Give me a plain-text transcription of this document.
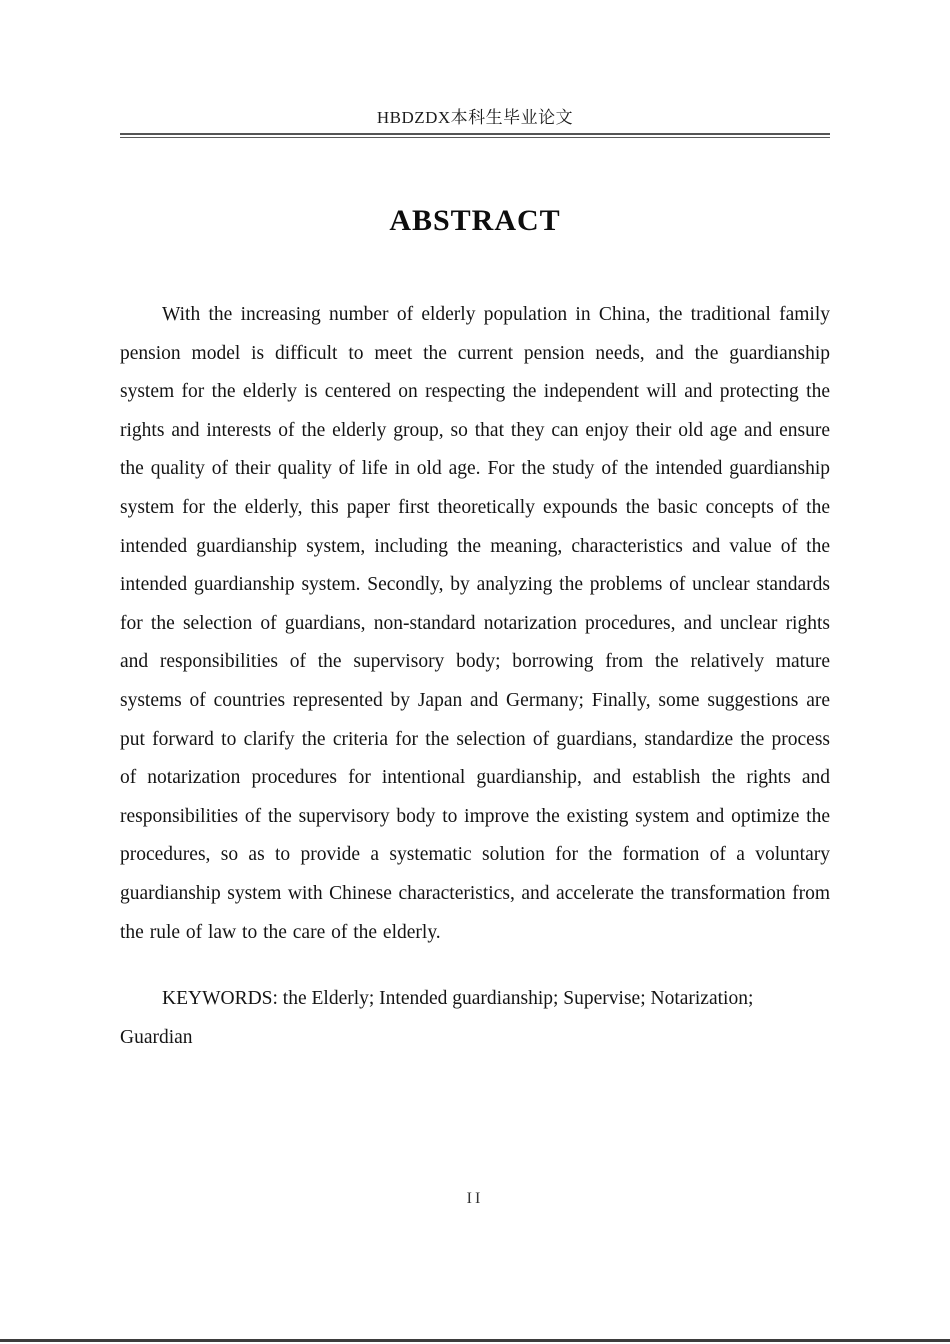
HBDZDX本科生毕业论文
ABSTRACT

With the increasing number of elderly population in China, the traditional family pension model is difficult to meet the current pension needs, and the guardianship system for the elderly is centered on respecting the independent will and protecting the rights and interests of the elderly group, so that they can enjoy their old age and ensure the quality of their quality of life in old age. For the study of the intended guardianship system for the elderly, this paper first theoretically expounds the basic concepts of the intended guardianship system, including the meaning, characteristics and value of the intended guardianship system. Secondly, by analyzing the problems of unclear standards for the selection of guardians, non-standard notarization procedures, and unclear rights and responsibilities of the supervisory body; borrowing from the relatively mature systems of countries represented by Japan and Germany; Finally, some suggestions are put forward to clarify the criteria for the selection of guardians, standardize the process of notarization procedures for intentional guardianship, and establish the rights and responsibilities of the supervisory body to improve the existing system and optimize the procedures, so as to provide a systematic solution for the formation of a voluntary guardianship system with Chinese characteristics, and accelerate the transformation from the rule of law to the care of the elderly.

KEYWORDS: the Elderly; Intended guardianship; Supervise; Notarization; Guardian

II
